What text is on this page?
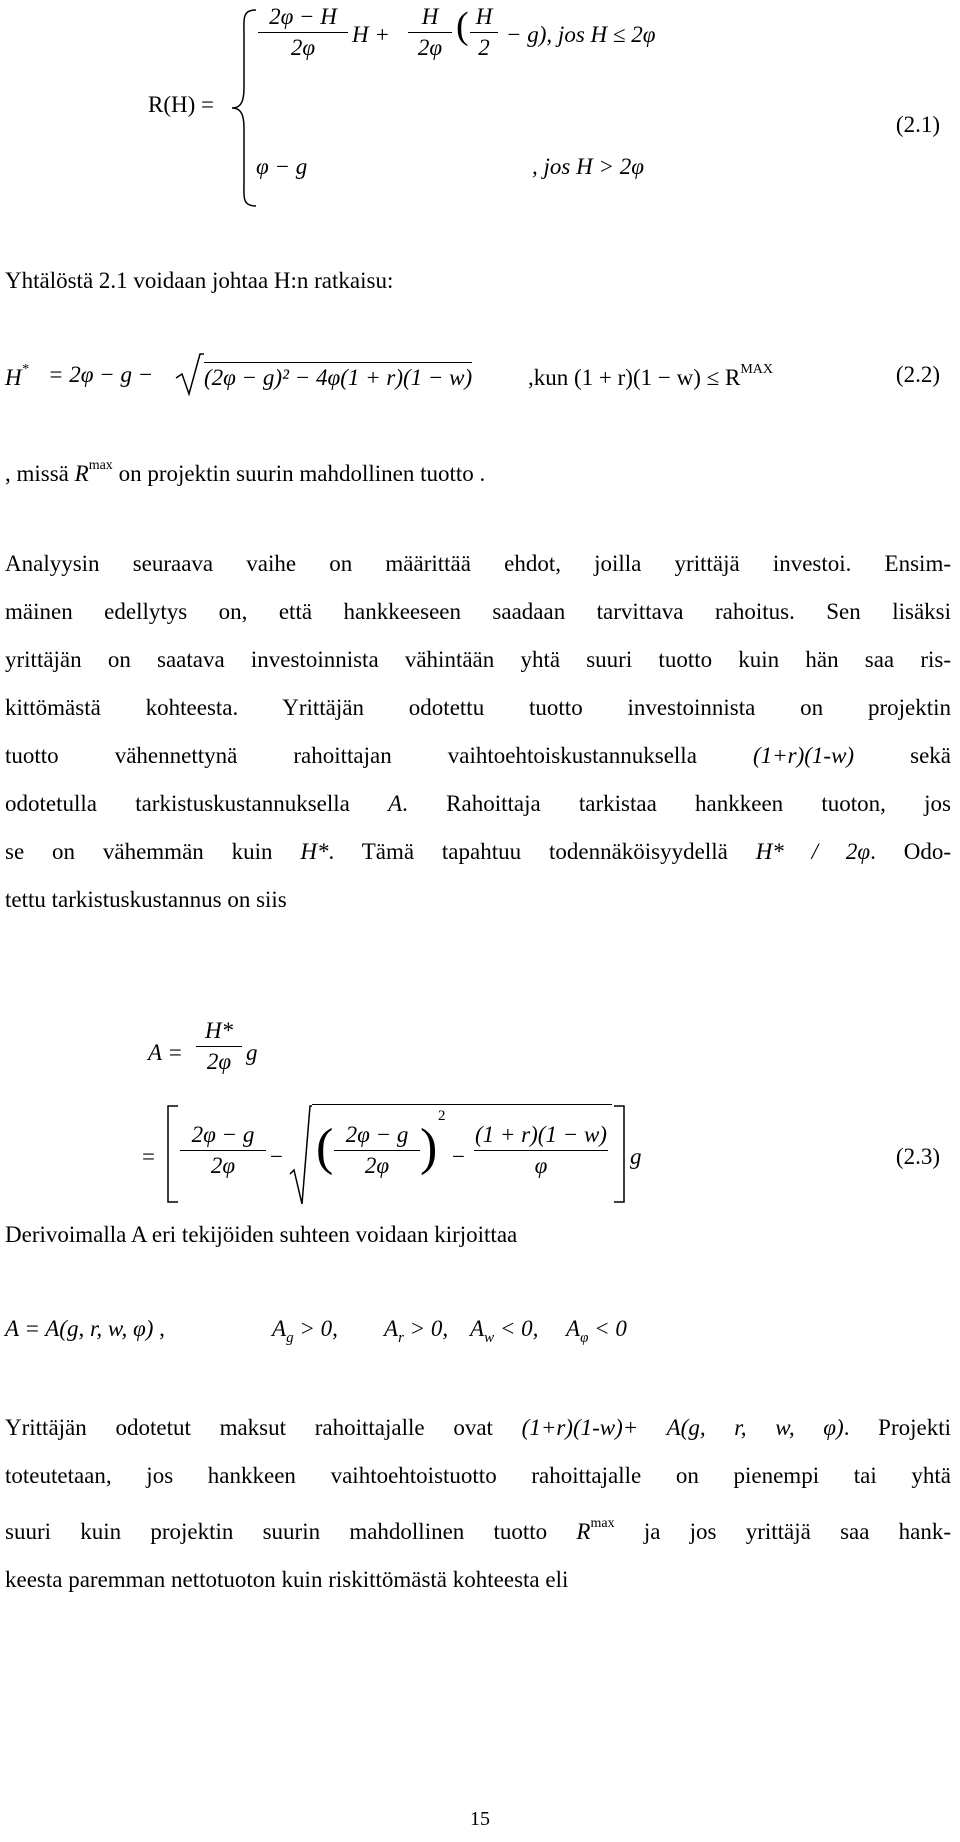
R(H) =
2φ − H
2φ
H +
H
2φ
( H
2
− g), jos H ≤ 2φ
φ − g	, jos H > 2φ
(2.1)
Yhtälöstä 2.1 voidaan johtaa H:n ratkaisu:
H* = 2φ − g − (2φ − g)² − 4φ(1 + r)(1 − w) ,kun $(1 + r)(1 - w) \le R^{MAX}$	(2.2)
, missä $R^{max}$ on projektin suurin mahdollinen tuotto .
Analyysin seuraava vaihe on määrittää ehdot, joilla yrittäjä investoi. Ensim-
mäinen edellytys on, että hankkeeseen saadaan tarvittava rahoitus. Sen lisäksi
yrittäjän on saatava investoinnista vähintään yhtä suuri tuotto kuin hän saa ris-
kittömästä kohteesta. Yrittäjän odotettu tuotto investoinnista on projektin
tuotto vähennettynä rahoittajan vaihtoehtoiskustannuksella (1+r)(1-w) sekä
odotetulla tarkistuskustannuksella A. Rahoittaja tarkistaa hankkeen tuoton, jos
se on vähemmän kuin H*. Tämä tapahtuu todennäköisyydellä H* / 2φ. Odo-
tettu tarkistuskustannus on siis
A =
H*
2φ g
=
2φ − g
2φ	− ( 2φ − g
2φ )
2
−
(1 + r)(1 − w)
φ	g	(2.3)
Derivoimalla A eri tekijöiden suhteen voidaan kirjoittaa
A = A(g, r, w, φ) ,	$A_g > 0$, $A_r > 0$, $A_w < 0$, $A_\varphi < 0$
Yrittäjän odotetut maksut rahoittajalle ovat (1+r)(1-w)+ A(g, r, w, φ). Projekti
toteutetaan, jos hankkeen vaihtoehtoistuotto rahoittajalle on pienempi tai yhtä
suuri kuin projektin suurin mahdollinen tuotto $R^{max}$ ja jos yrittäjä saa hank-
keesta paremman nettotuoton kuin riskittömästä kohteesta eli
15
